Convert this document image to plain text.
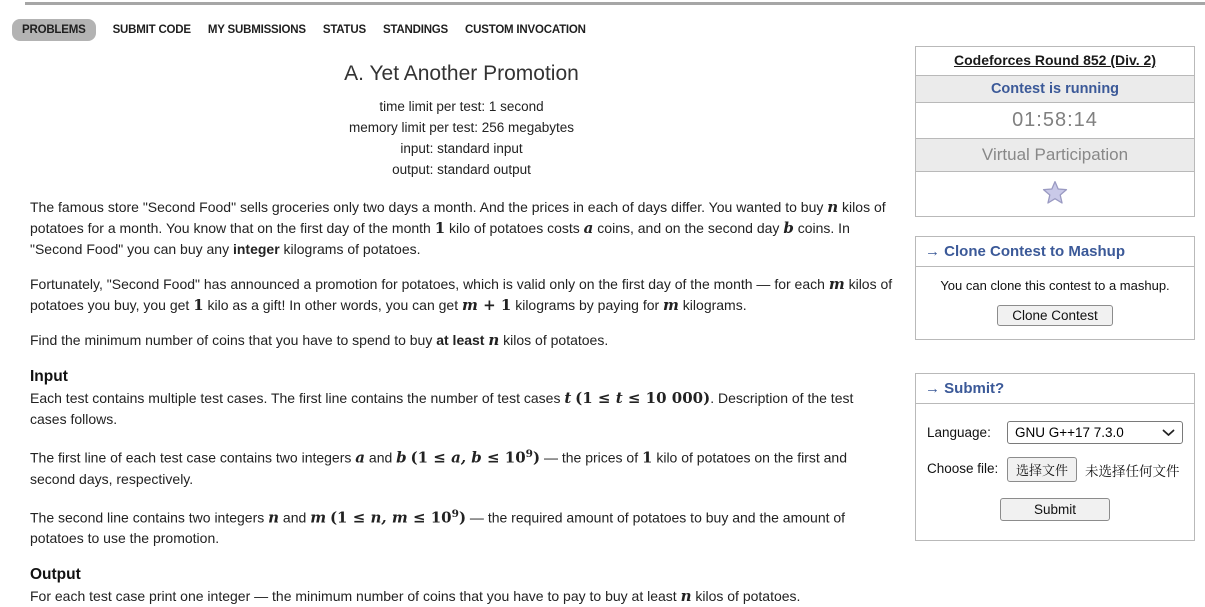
PROBLEMS	SUBMIT CODE MY SUBMISSIONS STATUS STANDINGS CUSTOM INVOCATION
A. Yet Another Promotion
time limit per test: 1 second
memory limit per test: 256 megabytes
input: standard input
output: standard output

The famous store "Second Food" sells groceries only two days a month. And the prices in each of days differ. You wanted to buy n kilos of potatoes for a month. You know that on the first day of the month 1 kilo of potatoes costs a coins, and on the second day b coins. In "Second Food" you can buy any integer kilograms of potatoes.

Fortunately, "Second Food" has announced a promotion for potatoes, which is valid only on the first day of the month — for each m kilos of potatoes you buy, you get 1 kilo as a gift! In other words, you can get m + 1 kilograms by paying for m kilograms.

Find the minimum number of coins that you have to spend to buy at least n kilos of potatoes.

Input

Each test contains multiple test cases. The first line contains the number of test cases t (1 ≤ t ≤ 10 000). Description of the test cases follows.

The first line of each test case contains two integers a and b (1 ≤ a, $b \le 10^9$) — the prices of 1 kilo of potatoes on the first and second days, respectively.

The second line contains two integers n and m (1 ≤ n, $m \le 10^9$) — the required amount of potatoes to buy and the amount of potatoes to use the promotion.

Output

For each test case print one integer — the minimum number of coins that you have to pay to buy at least n kilos of potatoes.

Codeforces Round 852 (Div. 2)
Contest is running
01:58:14
Virtual Participation
→ Clone Contest to Mashup
You can clone this contest to a mashup.
Clone Contest
→ Submit?
Language:	GNU G++17 7.3.0
Choose file:	选择文件	未选择任何文件
Submit
